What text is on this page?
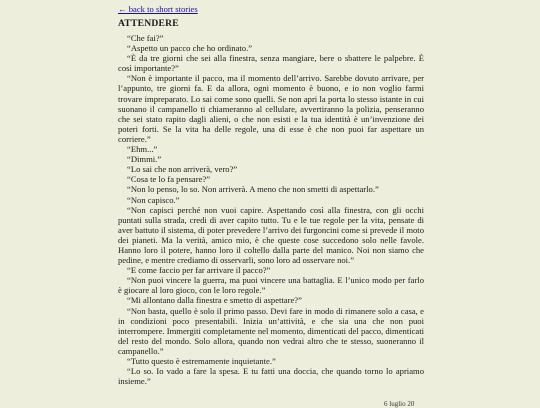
← back to short stories
ATTENDERE

“Che fai?”

“Aspetto un pacco che ho ordinato.”

“È da tre giorni che sei alla finestra, senza mangiare, bere o sbattere le palpebre. È così importante?”

“Non è importante il pacco, ma il momento dell’arrivo. Sarebbe dovuto arrivare, per l’appunto, tre giorni fa. E da allora, ogni momento è buono, e io non voglio farmi trovare impreparato. Lo sai come sono quelli. Se non apri la porta lo stesso istante in cui suonano il campanello ti chiameranno al cellulare, avvertiranno la polizia, penseranno che sei stato rapito dagli alieni, o che non esisti e la tua identità è un’invenzione dei poteri forti. Se la vita ha delle regole, una di esse è che non puoi far aspettare un corriere.”

“Ehm...”

“Dimmi.”

“Lo sai che non arriverà, vero?”

“Cosa te lo fa pensare?”

“Non lo penso, lo so. Non arriverà. A meno che non smetti di aspettarlo.”

“Non capisco.”

“Non capisci perché non vuoi capire. Aspettando così alla finestra, con gli occhi puntati sulla strada, credi di aver capito tutto. Tu e le tue regole per la vita, pensate di aver battuto il sistema, di poter prevedere l’arrivo dei furgoncini come si prevede il moto dei pianeti. Ma la verità, amico mio, è che queste cose succedono solo nelle favole. Hanno loro il potere, hanno loro il coltello dalla parte del manico. Noi non siamo che pedine, e mentre crediamo di osservarli, sono loro ad osservare noi.”

“E come faccio per far arrivare il pacco?”

“Non puoi vincere la guerra, ma puoi vincere una battaglia. E l’unico modo per farlo è giocare al loro gioco, con le loro regole.”

“Mi allontano dalla finestra e smetto di aspettare?”

“Non basta, quello è solo il primo passo. Devi fare in modo di rimanere solo a casa, e in condizioni poco presentabili. Inizia un’attività, e che sia una che non puoi interrompere. Immergiti completamente nel momento, dimenticati del pacco, dimenticati del resto del mondo. Solo allora, quando non vedrai altro che te stesso, suoneranno il campanello.”

“Tutto questo è estremamente inquietante.”

“Lo so. Io vado a fare la spesa. E tu fatti una doccia, che quando torno lo apriamo insieme.”

6 luglio 20
